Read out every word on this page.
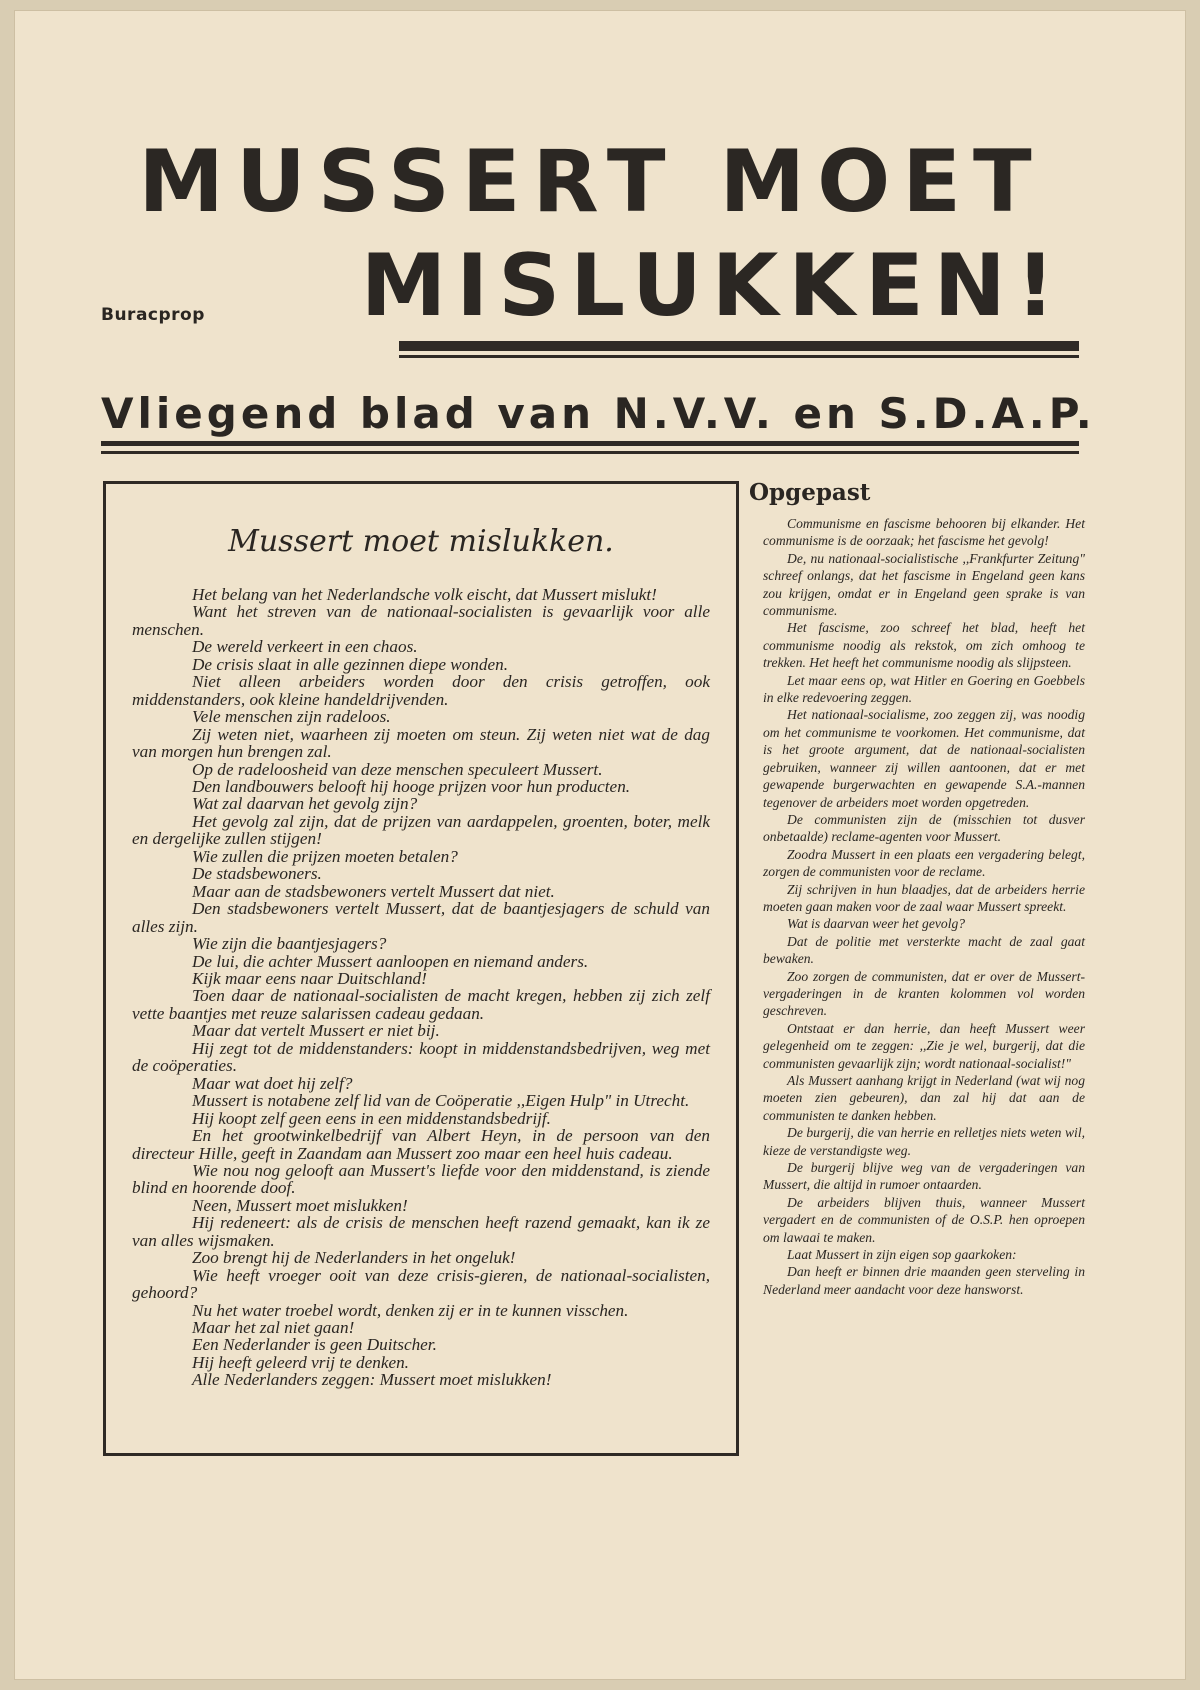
MUSSERT MOET
MISLUKKEN!
Buracprop
Vliegend blad van N.V.V. en S.D.A.P.
Mussert moet mislukken.
Het belang van het Nederlandsche volk eischt, dat Mussert mislukt!
Want het streven van de nationaal-socialisten is gevaarlijk voor alle menschen.
De wereld verkeert in een chaos.
De crisis slaat in alle gezinnen diepe wonden.
Niet alleen arbeiders worden door den crisis getroffen, ook middenstanders, ook kleine handeldrijvenden.
Vele menschen zijn radeloos.
Zij weten niet, waarheen zij moeten om steun. Zij weten niet wat de dag van morgen hun brengen zal.
Op de radeloosheid van deze menschen speculeert Mussert.
Den landbouwers belooft hij hooge prijzen voor hun producten.
Wat zal daarvan het gevolg zijn?
Het gevolg zal zijn, dat de prijzen van aardappelen, groenten, boter, melk en dergelijke zullen stijgen!
Wie zullen die prijzen moeten betalen?
De stadsbewoners.
Maar aan de stadsbewoners vertelt Mussert dat niet.
Den stadsbewoners vertelt Mussert, dat de baantjesjagers de schuld van alles zijn.
Wie zijn die baantjesjagers?
De lui, die achter Mussert aanloopen en niemand anders.
Kijk maar eens naar Duitschland!
Toen daar de nationaal-socialisten de macht kregen, hebben zij zich zelf vette baantjes met reuze salarissen cadeau gedaan.
Maar dat vertelt Mussert er niet bij.
Hij zegt tot de middenstanders: koopt in middenstandsbedrijven, weg met de coöperaties.
Maar wat doet hij zelf?
Mussert is notabene zelf lid van de Coöperatie ,,Eigen Hulp" in Utrecht.
Hij koopt zelf geen eens in een middenstandsbedrijf.
En het grootwinkelbedrijf van Albert Heyn, in de persoon van den directeur Hille, geeft in Zaandam aan Mussert zoo maar een heel huis cadeau.
Wie nou nog gelooft aan Mussert's liefde voor den middenstand, is ziende blind en hoorende doof.
Neen, Mussert moet mislukken!
Hij redeneert: als de crisis de menschen heeft razend gemaakt, kan ik ze van alles wijsmaken.
Zoo brengt hij de Nederlanders in het ongeluk!
Wie heeft vroeger ooit van deze crisis-gieren, de nationaal-socialisten, gehoord?
Nu het water troebel wordt, denken zij er in te kunnen visschen.
Maar het zal niet gaan!
Een Nederlander is geen Duitscher.
Hij heeft geleerd vrij te denken.
Alle Nederlanders zeggen: Mussert moet mislukken!
Opgepast
Communisme en fascisme behooren bij elkander. Het communisme is de oorzaak; het fascisme het gevolg!
De, nu nationaal-socialistische ,,Frankfurter Zeitung" schreef onlangs, dat het fascisme in Engeland geen kans zou krijgen, omdat er in Engeland geen sprake is van communisme.
Het fascisme, zoo schreef het blad, heeft het communisme noodig als rekstok, om zich omhoog te trekken. Het heeft het communisme noodig als slijpsteen.
Let maar eens op, wat Hitler en Goering en Goebbels in elke redevoering zeggen.
Het nationaal-socialisme, zoo zeggen zij, was noodig om het communisme te voorkomen. Het communisme, dat is het groote argument, dat de nationaal-socialisten gebruiken, wanneer zij willen aantoonen, dat er met gewapende burgerwachten en gewapende S.A.-mannen tegenover de arbeiders moet worden opgetreden.
De communisten zijn de (misschien tot dusver onbetaalde) reclame-agenten voor Mussert.
Zoodra Mussert in een plaats een vergadering belegt, zorgen de communisten voor de reclame.
Zij schrijven in hun blaadjes, dat de arbeiders herrie moeten gaan maken voor de zaal waar Mussert spreekt.
Wat is daarvan weer het gevolg?
Dat de politie met versterkte macht de zaal gaat bewaken.
Zoo zorgen de communisten, dat er over de Mussert-vergaderingen in de kranten kolommen vol worden geschreven.
Ontstaat er dan herrie, dan heeft Mussert weer gelegenheid om te zeggen: ,,Zie je wel, burgerij, dat die communisten gevaarlijk zijn; wordt nationaal-socialist!"
Als Mussert aanhang krijgt in Nederland (wat wij nog moeten zien gebeuren), dan zal hij dat aan de communisten te danken hebben.
De burgerij, die van herrie en relletjes niets weten wil, kieze de verstandigste weg.
De burgerij blijve weg van de vergaderingen van Mussert, die altijd in rumoer ontaarden.
De arbeiders blijven thuis, wanneer Mussert vergadert en de communisten of de O.S.P. hen oproepen om lawaai te maken.
Laat Mussert in zijn eigen sop gaarkoken:
Dan heeft er binnen drie maanden geen sterveling in Nederland meer aandacht voor deze hansworst.
